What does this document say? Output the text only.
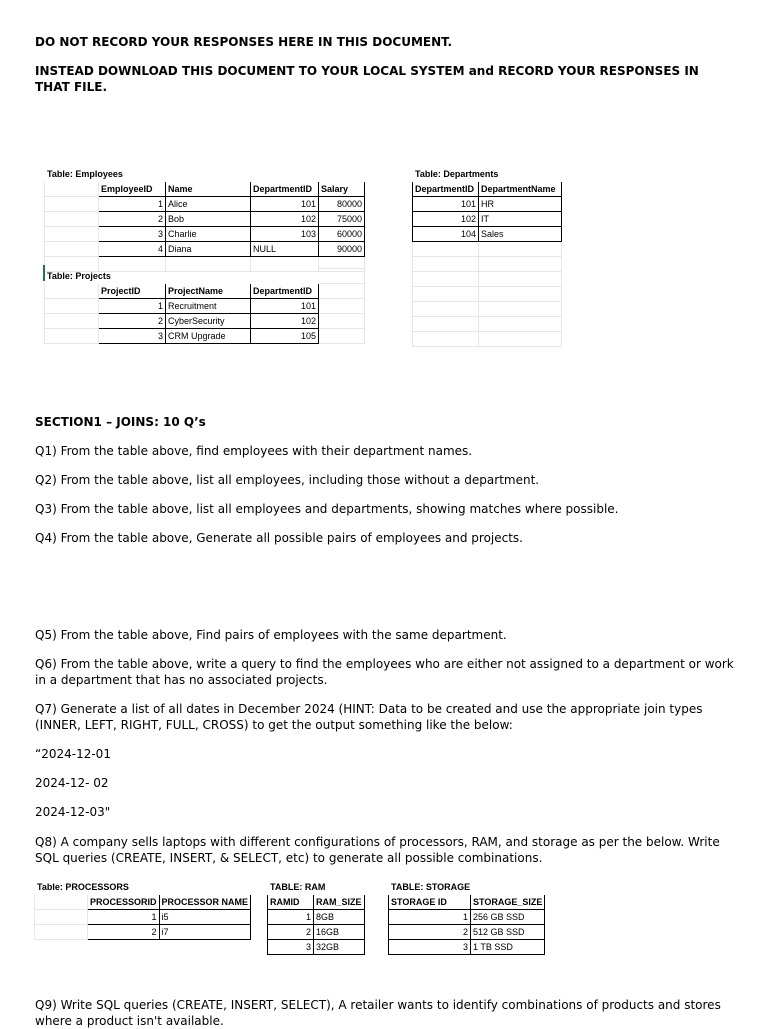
DO NOT RECORD YOUR RESPONSES HERE IN THIS DOCUMENT.

INSTEAD DOWNLOAD THIS DOCUMENT TO YOUR LOCAL SYSTEM and RECORD YOUR RESPONSES IN THAT FILE.

Table: Employees				
	EmployeeID	Name	DepartmentID	Salary
	1	Alice	101	80000
	2	Bob	102	75000
	3	Charlie	103	60000
	4	Diana	NULL	90000

Table: Departments	
DepartmentID	DepartmentName
101	HR
102	IT
104	Sales

Table: Projects				
	ProjectID	ProjectName	DepartmentID	
	1	Recruitment	101	
	2	CyberSecurity	102	
	3	CRM Upgrade	105	

SECTION1 – JOINS: 10 Q’s

Q1) From the table above, find employees with their department names.

Q2) From the table above, list all employees, including those without a department.

Q3) From the table above, list all employees and departments, showing matches where possible.

Q4) From the table above, Generate all possible pairs of employees and projects.

Q5) From the table above, Find pairs of employees with the same department.

Q6) From the table above, write a query to find the employees who are either not assigned to a department or work in a department that has no associated projects.

Q7) Generate a list of all dates in December 2024 (HINT: Data to be created and use the appropriate join types (INNER, LEFT, RIGHT, FULL, CROSS) to get the output something like the below:

“2024-12-01

2024-12- 02

2024-12-03"

Q8) A company sells laptops with different configurations of processors, RAM, and storage as per the below. Write SQL queries (CREATE, INSERT, & SELECT, etc) to generate all possible combinations.

Table: PROCESSORS		
	PROCESSORID	PROCESSOR NAME
	1	i5
	2	i7
TABLE: RAM	
RAMID	RAM_SIZE
1	8GB
2	16GB
3	32GB
TABLE: STORAGE	
STORAGE ID	STORAGE_SIZE
1	256 GB SSD
2	512 GB SSD
3	1 TB SSD

Q9) Write SQL queries (CREATE, INSERT, SELECT), A retailer wants to identify combinations of products and stores where a product isn't available.
